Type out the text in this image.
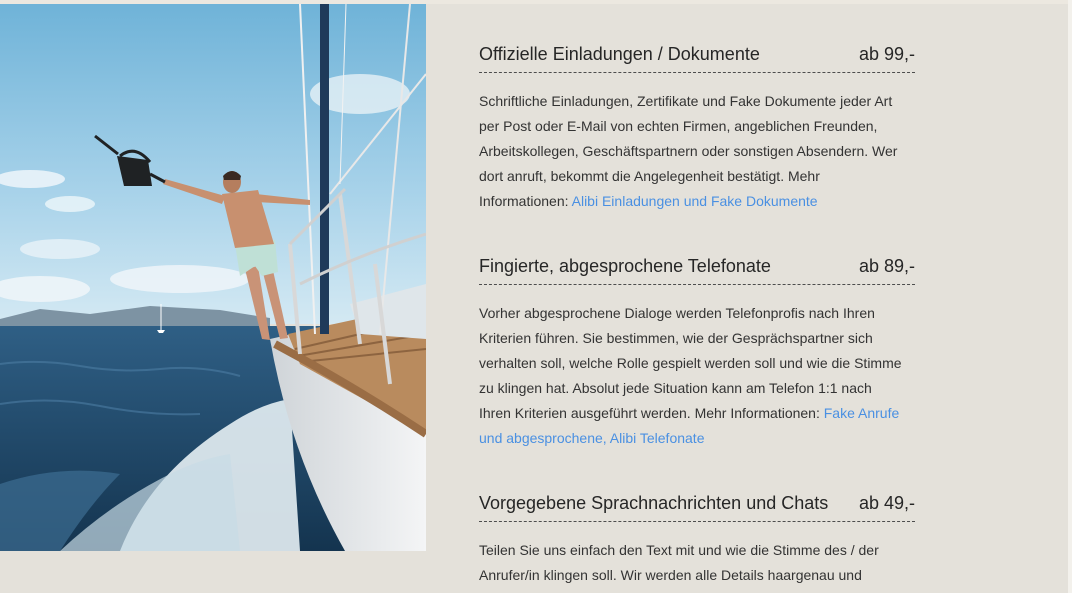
Offizielle Einladungen / Dokumente	ab 99,-

Schriftliche Einladungen, Zertifikate und Fake Dokumente jeder Art per Post oder E-Mail von echten Firmen, angeblichen Freunden, Arbeitskollegen, Geschäftspartnern oder sonstigen Absendern. Wer dort anruft, bekommt die Angelegenheit bestätigt. Mehr Informationen: Alibi Einladungen und Fake Dokumente

Fingierte, abgesprochene Telefonate	ab 89,-

Vorher abgesprochene Dialoge werden Telefonprofis nach Ihren Kriterien führen. Sie bestimmen, wie der Gesprächspartner sich verhalten soll, welche Rolle gespielt werden soll und wie die Stimme zu klingen hat. Absolut jede Situation kann am Telefon 1:1 nach Ihren Kriterien ausgeführt werden. Mehr Informationen: Fake Anrufe und abgesprochene, Alibi Telefonate

Vorgegebene Sprachnachrichten und Chats ab 49,-

Teilen Sie uns einfach den Text mit und wie die Stimme des / der Anrufer/in klingen soll. Wir werden alle Details haargenau und
